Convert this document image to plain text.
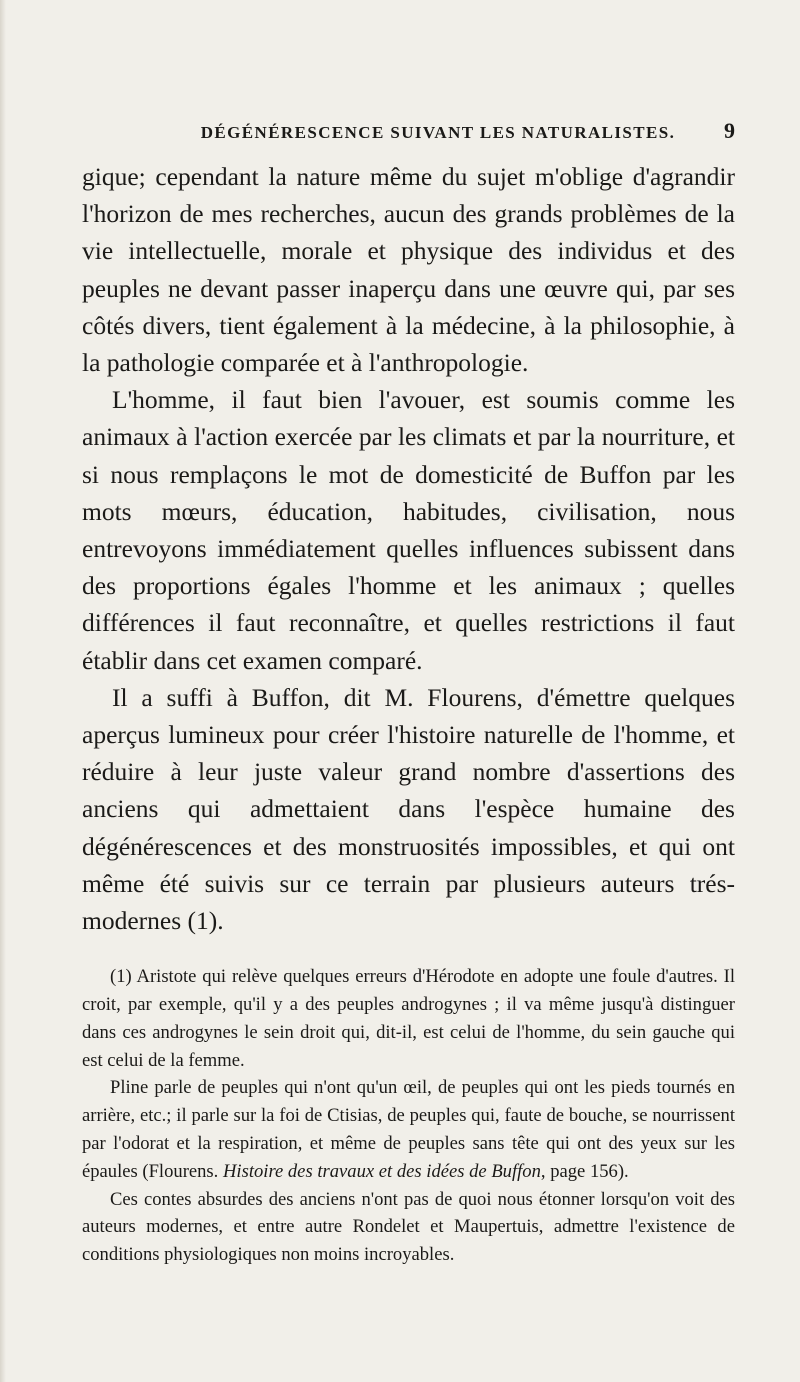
DÉGÉNÉRESCENCE SUIVANT LES NATURALISTES.	9

gique; cependant la nature même du sujet m'oblige d'agrandir l'horizon de mes recherches, aucun des grands problèmes de la vie intellectuelle, morale et physique des individus et des peuples ne devant passer inaperçu dans une œuvre qui, par ses côtés divers, tient également à la médecine, à la philosophie, à la pathologie comparée et à l'anthropologie.

L'homme, il faut bien l'avouer, est soumis comme les animaux à l'action exercée par les climats et par la nourriture, et si nous remplaçons le mot de domesticité de Buffon par les mots mœurs, éducation, habitudes, civilisation, nous entrevoyons immédiatement quelles influences subissent dans des proportions égales l'homme et les animaux ; quelles différences il faut reconnaître, et quelles restrictions il faut établir dans cet examen comparé.

Il a suffi à Buffon, dit M. Flourens, d'émettre quelques aperçus lumineux pour créer l'histoire naturelle de l'homme, et réduire à leur juste valeur grand nombre d'assertions des anciens qui admettaient dans l'espèce humaine des dégénérescences et des monstruosités impossibles, et qui ont même été suivis sur ce terrain par plusieurs auteurs trés-modernes (1).

(1) Aristote qui relève quelques erreurs d'Hérodote en adopte une foule d'autres. Il croit, par exemple, qu'il y a des peuples androgynes ; il va même jusqu'à distinguer dans ces androgynes le sein droit qui, dit-il, est celui de l'homme, du sein gauche qui est celui de la femme.

Pline parle de peuples qui n'ont qu'un œil, de peuples qui ont les pieds tournés en arrière, etc.; il parle sur la foi de Ctisias, de peuples qui, faute de bouche, se nourrissent par l'odorat et la respiration, et même de peuples sans tête qui ont des yeux sur les épaules (Flourens. Histoire des travaux et des idées de Buffon, page 156).

Ces contes absurdes des anciens n'ont pas de quoi nous étonner lorsqu'on voit des auteurs modernes, et entre autre Rondelet et Maupertuis, admettre l'existence de conditions physiologiques non moins incroyables.
